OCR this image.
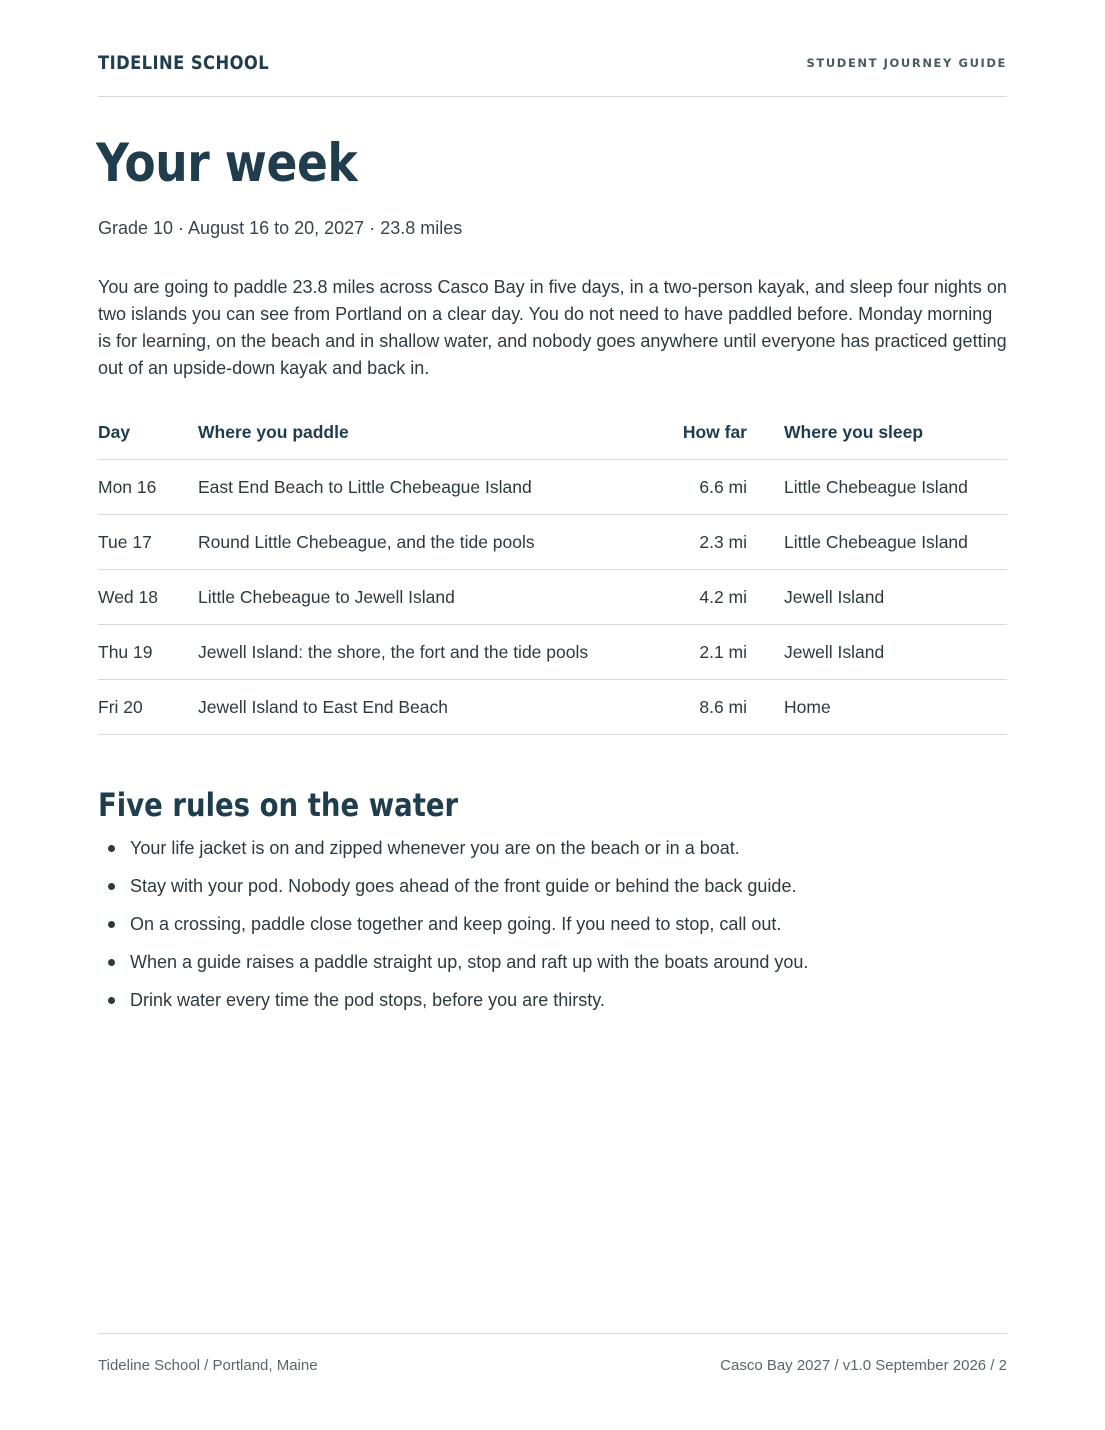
TIDELINE SCHOOL	STUDENT JOURNEY GUIDE
Your week
Grade 10 · August 16 to 20, 2027 · 23.8 miles

You are going to paddle 23.8 miles across Casco Bay in five days, in a two-person kayak, and sleep four nights on two islands you can see from Portland on a clear day. You do not need to have paddled before. Monday morning is for learning, on the beach and in shallow water, and nobody goes anywhere until everyone has practiced getting out of an upside-down kayak and back in.

Day	Where you paddle	How far	Where you sleep
Mon 16	East End Beach to Little Chebeague Island	6.6 mi	Little Chebeague Island
Tue 17	Round Little Chebeague, and the tide pools	2.3 mi	Little Chebeague Island
Wed 18	Little Chebeague to Jewell Island	4.2 mi	Jewell Island
Thu 19	Jewell Island: the shore, the fort and the tide pools	2.1 mi	Jewell Island
Fri 20	Jewell Island to East End Beach	8.6 mi	Home
Five rules on the water
Your life jacket is on and zipped whenever you are on the beach or in a boat.
Stay with your pod. Nobody goes ahead of the front guide or behind the back guide.
On a crossing, paddle close together and keep going. If you need to stop, call out.
When a guide raises a paddle straight up, stop and raft up with the boats around you.
Drink water every time the pod stops, before you are thirsty.
Tideline School / Portland, Maine	Casco Bay 2027 / v1.0 September 2026 / 2
